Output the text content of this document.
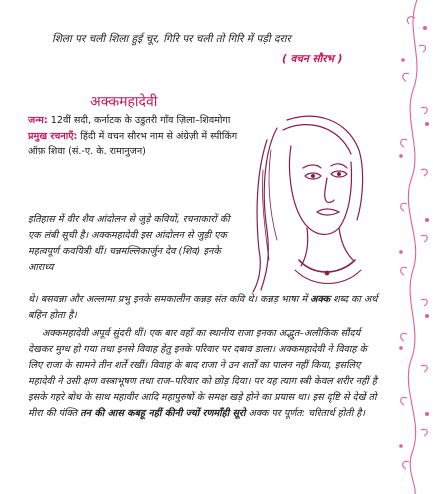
शिला पर चली शिला हुई चूर, गिरि पर चली तो गिरि में पड़ी दरार
( वचन सौरभ )
अक्कमहादेवी
जन्म: 12वीं सदी, कर्नाटक के उडुतरी गाँव ज़िला–शिवमोगा
प्रमुख रचनाएँ: हिंदी में वचन सौरभ नाम से अंग्रेज़ी में स्पीकिंग ऑफ़ शिवा (सं.-ए. के. रामानुजन)
इतिहास में वीर शैव आंदोलन से जुड़े कवियों, रचनाकारों की एक लंबी सूची है। अक्कमहादेवी इस आंदोलन से जुड़ी एक महत्वपूर्ण कवयित्री थीं। चन्नमल्लिकार्जुन देव (शिव) इनके आराध्य
थे। बसवन्ना और अल्लामा प्रभु इनके समकालीन कन्नड़ संत कवि थे। कन्नड़ भाषा में अक्क शब्द का अर्थ बहिन होता है।
अक्कमहादेवी अपूर्व सुंदरी थीं। एक बार वहाँ का स्थानीय राजा इनका अद्भुत–अलौकिक सौंदर्य देखकर मुग्ध हो गया तथा इनसे विवाह हेतु इनके परिवार पर दबाव डाला। अक्कमहादेवी ने विवाह के लिए राजा के सामने तीन शर्तें रखीं। विवाह के बाद राजा ने उन शर्तों का पालन नहीं किया, इसलिए महादेवी ने उसी क्षण वस्त्राभूषण तथा राज–परिवार को छोड़ दिया। पर यह त्याग स्त्री केवल शरीर नहीं है इसके गहरे बोध के साथ महावीर आदि महापुरुषों के समक्ष खड़े होने का प्रयास था। इस दृष्टि से देखें तो मीरा की पंक्ति तन की आस कबहू नहीं कीनी ज्यों रणमाँही सूरो अक्क पर पूर्णत: चरितार्थ होती है।
